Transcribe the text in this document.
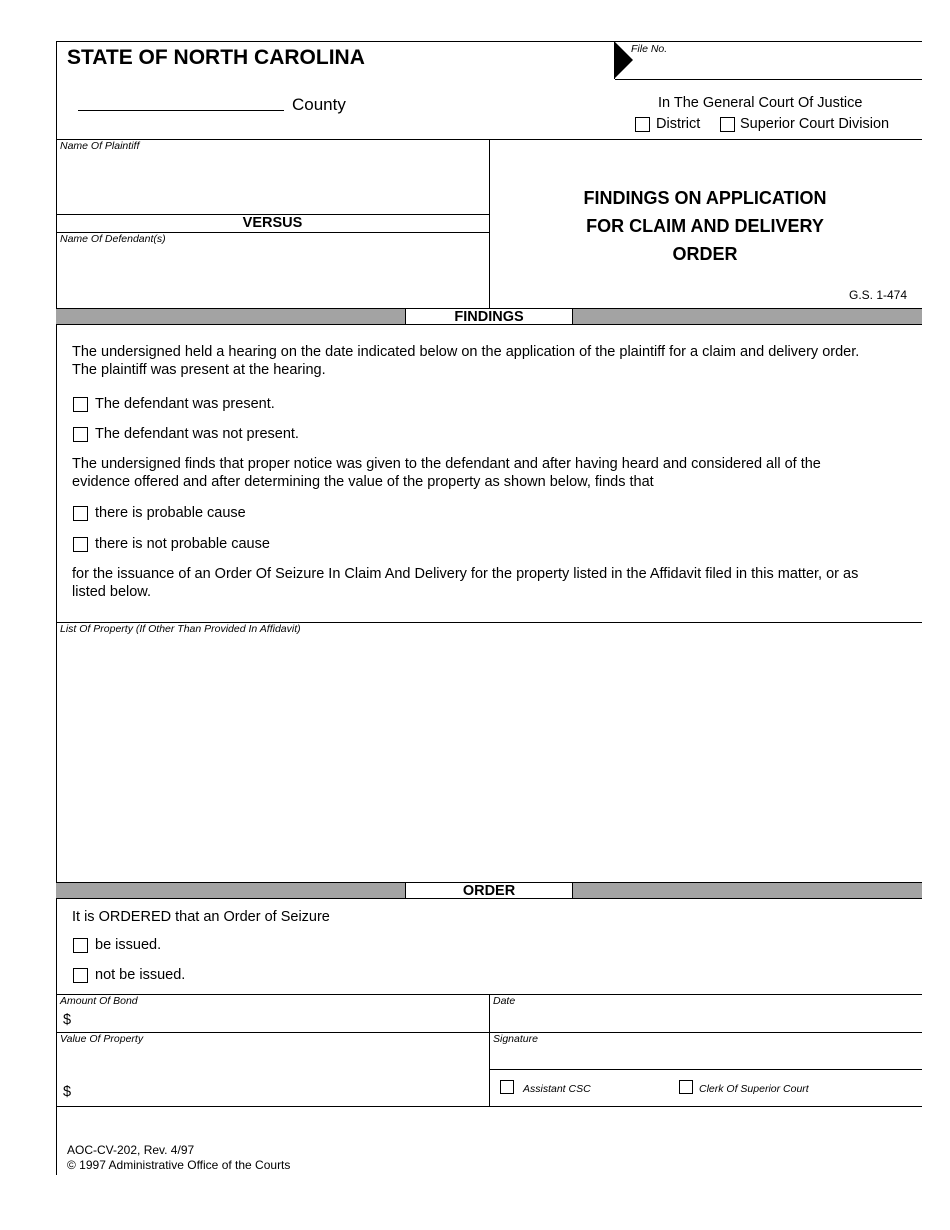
STATE OF NORTH CAROLINA	File No.
County	In The General Court Of Justice
District	Superior Court Division
Name Of Plaintiff
VERSUS
Name Of Defendant(s)
FINDINGS ON APPLICATION
FOR CLAIM AND DELIVERY
ORDER
G.S. 1-474
FINDINGS
The undersigned held a hearing on the date indicated below on the application of the plaintiff for a claim and delivery order.
The plaintiff was present at the hearing.
The defendant was present.
The defendant was not present.
The undersigned finds that proper notice was given to the defendant and after having heard and considered all of the
evidence offered and after determining the value of the property as shown below, finds that
there is probable cause
there is not probable cause
for the issuance of an Order Of Seizure In Claim And Delivery for the property listed in the Affidavit filed in this matter, or as
listed below.
List Of Property (If Other Than Provided In Affidavit)
ORDER
It is ORDERED that an Order of Seizure
be issued.
not be issued.
Amount Of Bond
$
Date
Value Of Property
$
Signature
Assistant CSC	Clerk Of Superior Court
AOC-CV-202, Rev. 4/97
© 1997 Administrative Office of the Courts
